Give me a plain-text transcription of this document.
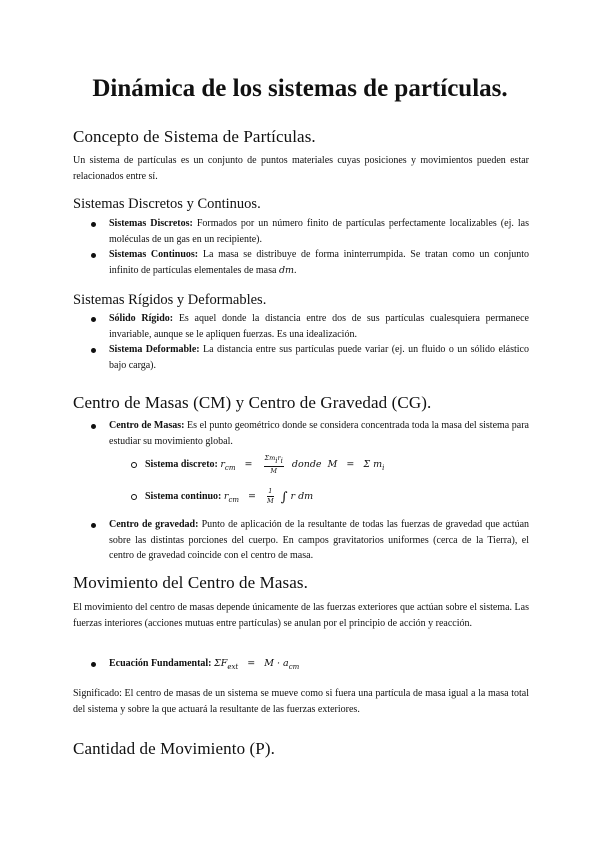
Dinámica de los sistemas de partículas.
Concepto de Sistema de Partículas.

Un sistema de partículas es un conjunto de puntos materiales cuyas posiciones y movimientos pueden estar relacionados entre sí.

Sistemas Discretos y Continuos.
Sistemas Discretos: Formados por un número finito de partículas perfectamente localizables (ej. las moléculas de un gas en un recipiente).
Sistemas Continuos: La masa se distribuye de forma ininterrumpida. Se tratan como un conjunto infinito de partículas elementales de masa dm.
Sistemas Rígidos y Deformables.
Sólido Rígido: Es aquel donde la distancia entre dos de sus partículas cualesquiera permanece invariable, aunque se le apliquen fuerzas. Es una idealización.
Sistema Deformable: La distancia entre sus partículas puede variar (ej. un fluido o un sólido elástico bajo carga).
Centro de Masas (CM) y Centro de Gravedad (CG).
Centro de Masas: Es el punto geométrico donde se considera concentrada toda la masa del sistema para estudiar su movimiento global.
Sistema discreto: $r_{cm} = \frac{\text{Σmiri}}{M}$ donde M = Σ $m_i$
Sistema continuo: $r_{cm} = \frac{1}{M}$ ∫ r dm
Centro de gravedad: Punto de aplicación de la resultante de todas las fuerzas de gravedad que actúan sobre las distintas porciones del cuerpo. En campos gravitatorios uniformes (cerca de la Tierra), el centro de gravedad coincide con el centro de masa.
Movimiento del Centro de Masas.

El movimiento del centro de masas depende únicamente de las fuerzas exteriores que actúan sobre el sistema. Las fuerzas interiores (acciones mutuas entre partículas) se anulan por el principio de acción y reacción.

Ecuación Fundamental: $\Sigma F_{ext} = M \cdot a_{cm}$

Significado: El centro de masas de un sistema se mueve como si fuera una partícula de masa igual a la masa total del sistema y sobre la que actuará la resultante de las fuerzas exteriores.

Cantidad de Movimiento (P).
